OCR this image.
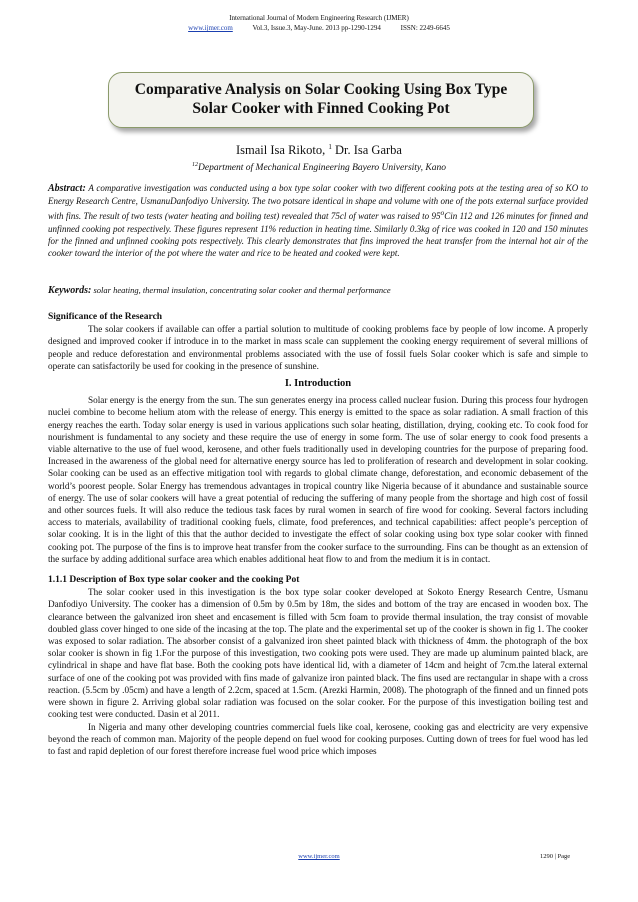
International Journal of Modern Engineering Research (IJMER)
www.ijmer.com	Vol.3, Issue.3, May-June. 2013 pp-1290-1294	ISSN: 2249-6645
Comparative Analysis on Solar Cooking Using Box Type
Solar Cooker with Finned Cooking Pot
Ismail Isa Rikoto, $^1$ Dr. Isa Garba
$^{12}$Department of Mechanical Engineering Bayero University, Kano
Abstract: A comparative investigation was conducted using a box type solar cooker with two different cooking pots at the testing area of so KO to Energy Research Centre, UsmanuDanfodiyo University. The two potsare identical in shape and volume with one of the pots external surface provided with fins. The result of two tests (water heating and boiling test) revealed that 75cl of water was raised to 95$^o$Cin 112 and 126 minutes for finned and unfinned cooking pot respectively. These figures represent 11% reduction in heating time. Similarly 0.3kg of rice was cooked in 120 and 150 minutes for the finned and unfinned cooking pots respectively. This clearly demonstrates that fins improved the heat transfer from the internal hot air of the cooker toward the interior of the pot where the water and rice to be heated and cooked were kept.
Keywords: solar heating, thermal insulation, concentrating solar cooker and thermal performance

Significance of the Research

The solar cookers if available can offer a partial solution to multitude of cooking problems face by people of low income. A properly designed and improved cooker if introduce in to the market in mass scale can supplement the cooking energy requirement of several millions of people and reduce deforestation and environmental problems associated with the use of fossil fuels Solar cooker which is safe and simple to operate can satisfactorily be used for cooking in the presence of sunshine.

I. Introduction

Solar energy is the energy from the sun. The sun generates energy ina process called nuclear fusion. During this process four hydrogen nuclei combine to become helium atom with the release of energy. This energy is emitted to the space as solar radiation. A small fraction of this energy reaches the earth. Today solar energy is used in various applications such solar heating, distillation, drying, cooking etc. To cook food for nourishment is fundamental to any society and these require the use of energy in some form. The use of solar energy to cook food presents a viable alternative to the use of fuel wood, kerosene, and other fuels traditionally used in developing countries for the purpose of preparing food. Increased in the awareness of the global need for alternative energy source has led to proliferation of research and development in solar cooking. Solar cooking can be used as an effective mitigation tool with regards to global climate change, deforestation, and economic debasement of the world’s poorest people. Solar Energy has tremendous advantages in tropical country like Nigeria because of it abundance and sustainable source of energy. The use of solar cookers will have a great potential of reducing the suffering of many people from the shortage and high cost of fossil and other sources fuels. It will also reduce the tedious task faces by rural women in search of fire wood for cooking. Several factors including access to materials, availability of traditional cooking fuels, climate, food preferences, and technical capabilities: affect people’s perception of solar cooking. It is in the light of this that the author decided to investigate the effect of solar cooking using box type solar cooker with finned cooking pot. The purpose of the fins is to improve heat transfer from the cooker surface to the surrounding. Fins can be thought as an extension of the surface by adding additional surface area which enables additional heat flow to and from the medium it is in contact.

1.1.1 Description of Box type solar cooker and the cooking Pot

The solar cooker used in this investigation is the box type solar cooker developed at Sokoto Energy Research Centre, Usmanu Danfodiyo University. The cooker has a dimension of 0.5m by 0.5m by 18m, the sides and bottom of the tray are encased in wooden box. The clearance between the galvanized iron sheet and encasement is filled with 5cm foam to provide thermal insulation, the tray consist of movable doubled glass cover hinged to one side of the incasing at the top. The plate and the experimental set up of the cooker is shown in fig 1. The cooker was exposed to solar radiation. The absorber consist of a galvanized iron sheet painted black with thickness of 4mm. the photograph of the box solar cooker is shown in fig 1.For the purpose of this investigation, two cooking pots were used. They are made up aluminum painted black, are cylindrical in shape and have flat base. Both the cooking pots have identical lid, with a diameter of 14cm and height of 7cm.the lateral external surface of one of the cooking pot was provided with fins made of galvanize iron painted black. The fins used are rectangular in shape with a cross reaction. (5.5cm by .05cm) and have a length of 2.2cm, spaced at 1.5cm. (Arezki Harmin, 2008). The photograph of the finned and un finned pots were shown in figure 2. Arriving global solar radiation was focused on the solar cooker. For the purpose of this investigation boiling test and cooking test were conducted. Dasin et al 2011.

In Nigeria and many other developing countries commercial fuels like coal, kerosene, cooking gas and electricity are very expensive beyond the reach of common man. Majority of the people depend on fuel wood for cooking purposes. Cutting down of trees for fuel wood has led to fast and rapid depletion of our forest therefore increase fuel wood price which imposes

www.ijmer.com	1290 | Page
